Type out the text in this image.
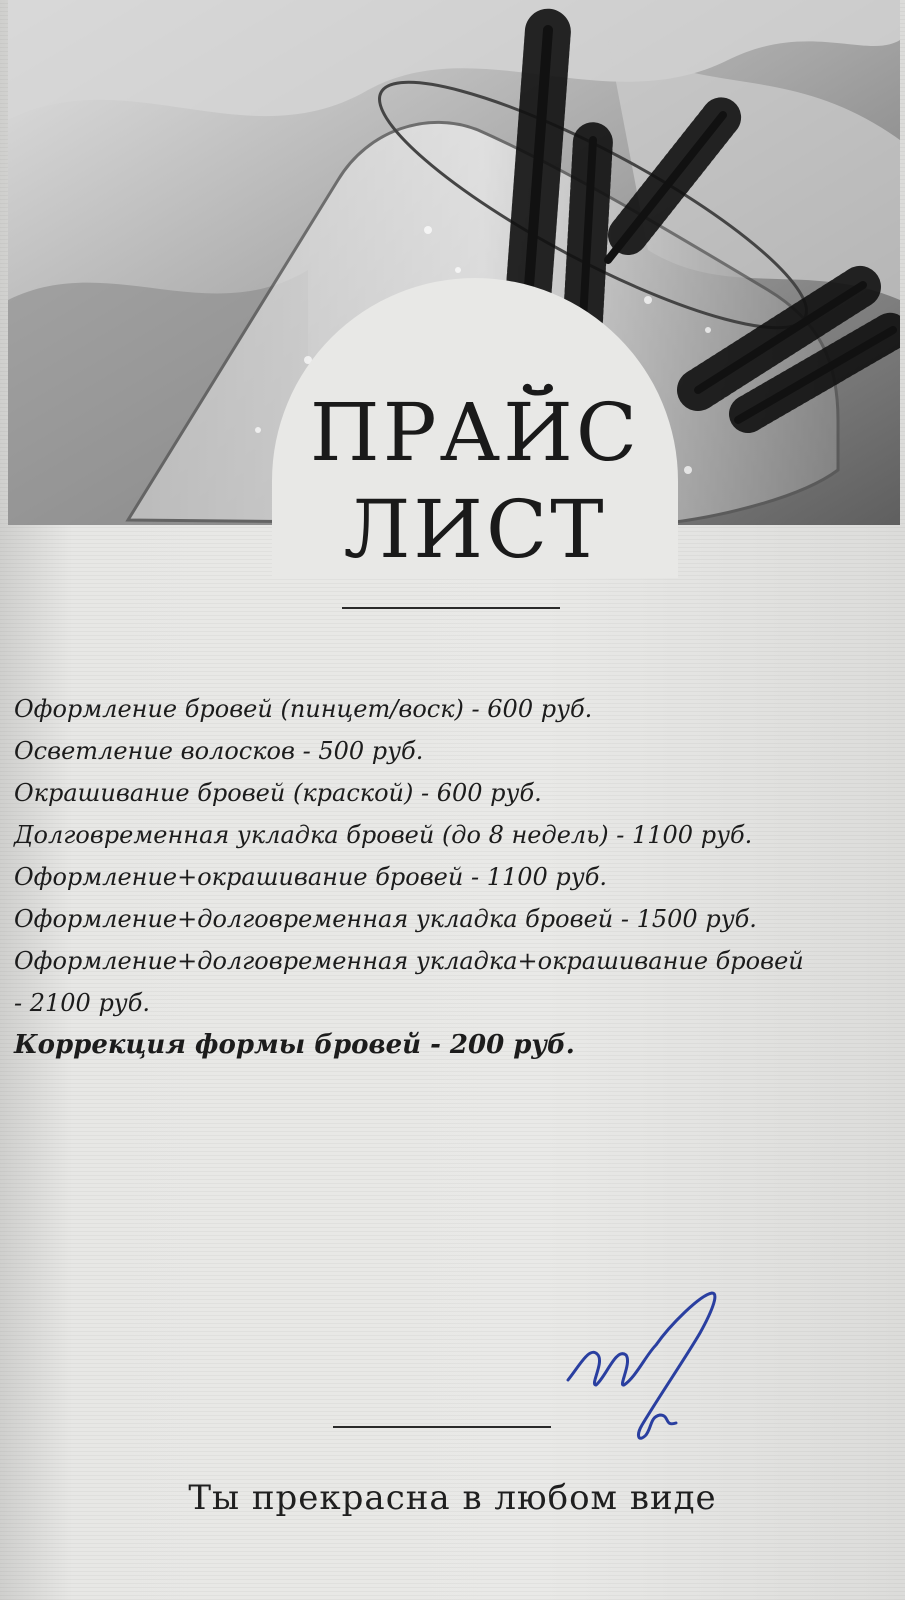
ПРАЙС
ЛИСТ
Оформление бровей (пинцет/воск) - 600 руб.
Осветление волосков - 500 руб.
Окрашивание бровей (краской) - 600 руб.
Долговременная укладка бровей (до 8 недель) - 1100 руб.
Оформление+окрашивание бровей - 1100 руб.
Оформление+долговременная укладка бровей - 1500 руб.
Оформление+долговременная укладка+окрашивание бровей - 2100 руб.
Коррекция формы бровей - 200 руб.
Ты прекрасна в любом виде
